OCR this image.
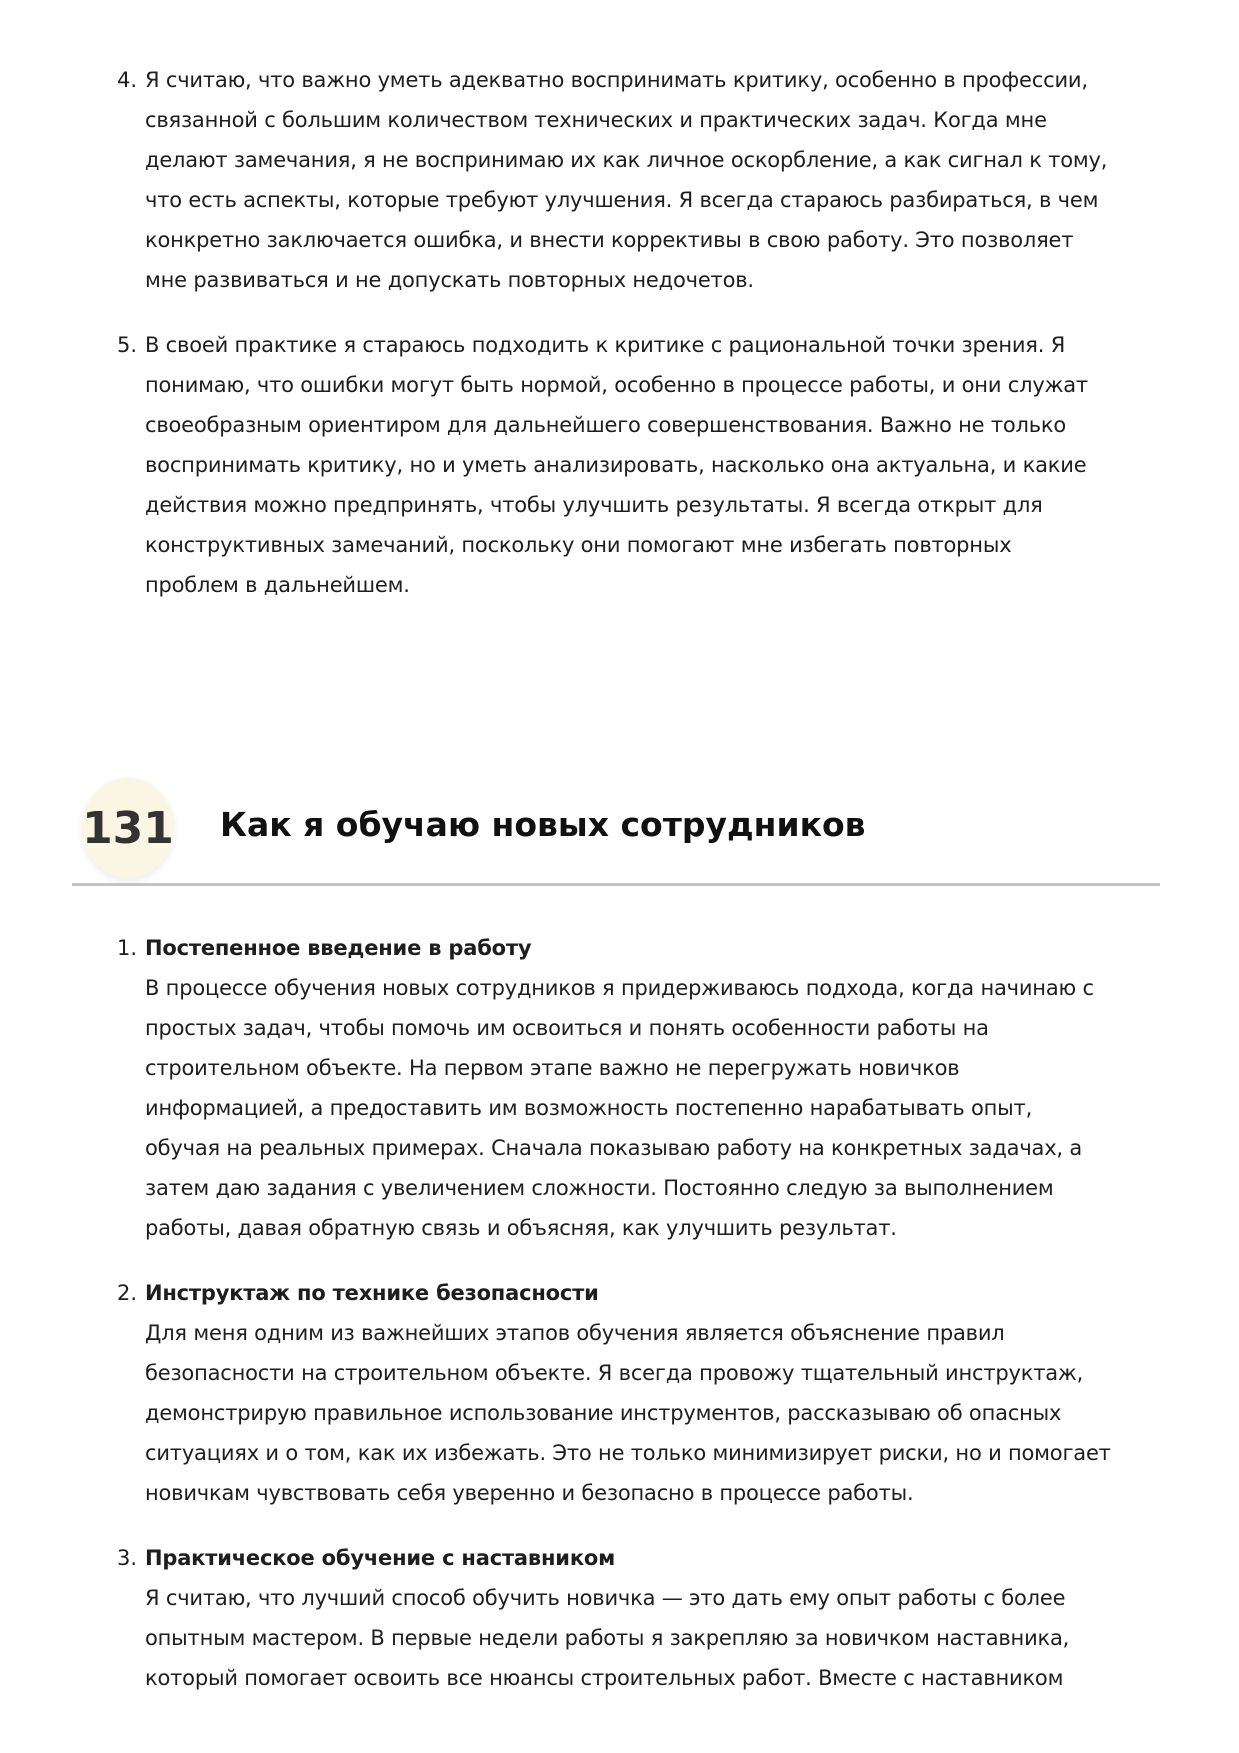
4. Я считаю, что важно уметь адекватно воспринимать критику, особенно в профессии,
связанной с большим количеством технических и практических задач. Когда мне
делают замечания, я не воспринимаю их как личное оскорбление, а как сигнал к тому,
что есть аспекты, которые требуют улучшения. Я всегда стараюсь разбираться, в чем
конкретно заключается ошибка, и внести коррективы в свою работу. Это позволяет
мне развиваться и не допускать повторных недочетов.
5. В своей практике я стараюсь подходить к критике с рациональной точки зрения. Я
понимаю, что ошибки могут быть нормой, особенно в процессе работы, и они служат
своеобразным ориентиром для дальнейшего совершенствования. Важно не только
воспринимать критику, но и уметь анализировать, насколько она актуальна, и какие
действия можно предпринять, чтобы улучшить результаты. Я всегда открыт для
конструктивных замечаний, поскольку они помогают мне избегать повторных
проблем в дальнейшем.
131 Как я обучаю новых сотрудников
1. Постепенное введение в работу
В процессе обучения новых сотрудников я придерживаюсь подхода, когда начинаю с
простых задач, чтобы помочь им освоиться и понять особенности работы на
строительном объекте. На первом этапе важно не перегружать новичков
информацией, а предоставить им возможность постепенно нарабатывать опыт,
обучая на реальных примерах. Сначала показываю работу на конкретных задачах, а
затем даю задания с увеличением сложности. Постоянно следую за выполнением
работы, давая обратную связь и объясняя, как улучшить результат.
2. Инструктаж по технике безопасности
Для меня одним из важнейших этапов обучения является объяснение правил
безопасности на строительном объекте. Я всегда провожу тщательный инструктаж,
демонстрирую правильное использование инструментов, рассказываю об опасных
ситуациях и о том, как их избежать. Это не только минимизирует риски, но и помогает
новичкам чувствовать себя уверенно и безопасно в процессе работы.
3. Практическое обучение с наставником
Я считаю, что лучший способ обучить новичка — это дать ему опыт работы с более
опытным мастером. В первые недели работы я закрепляю за новичком наставника,
который помогает освоить все нюансы строительных работ. Вместе с наставником
